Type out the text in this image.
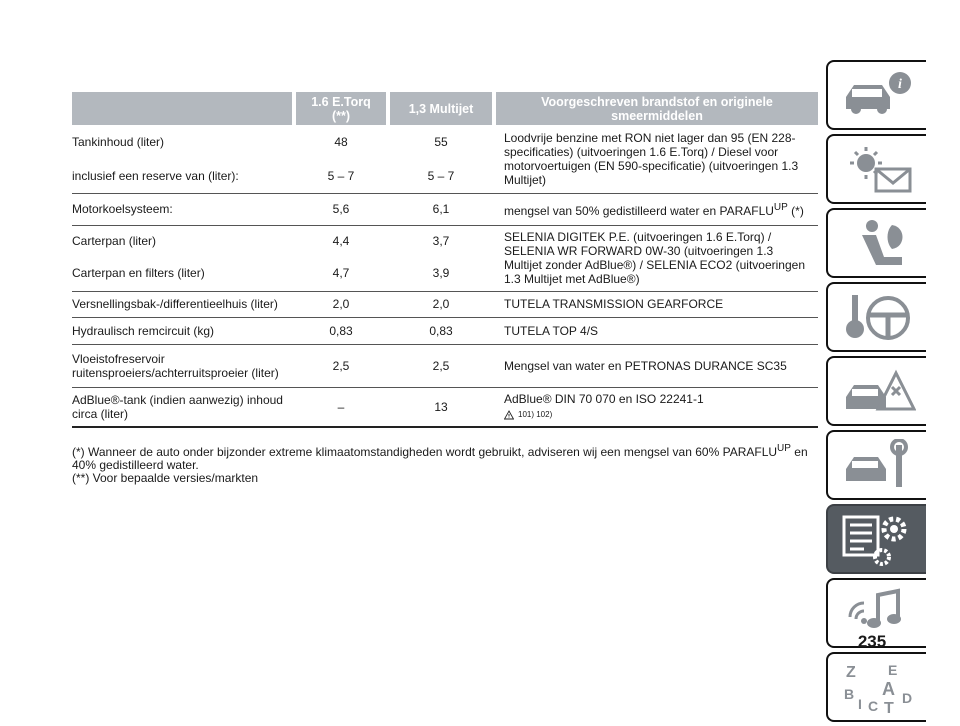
	1.6 E.Torq (**)	1,3 Multijet	Voorgeschreven brandstof en originele smeermiddelen
Tankinhoud (liter)	48	55	Loodvrije benzine met RON niet lager dan 95 (EN 228-specificaties) (uitvoeringen 1.6 E.Torq) / Diesel voor motorvoertuigen (EN 590-specificatie) (uitvoeringen 1.3 Multijet)
inclusief een reserve van (liter):	5 – 7	5 – 7	
Motorkoelsysteem:	5,6	6,1	mengsel van 50% gedistilleerd water en $PARAFLU^{UP}$ (*)
Carterpan (liter)	4,4	3,7	SELENIA DIGITEK P.E. (uitvoeringen 1.6 E.Torq) / SELENIA WR FORWARD 0W-30 (uitvoeringen 1.3 Multijet zonder AdBlue®) / SELENIA ECO2 (uitvoeringen 1.3 Multijet met AdBlue®)
Carterpan en filters (liter)	4,7	3,9	
Versnellingsbak-/differentieelhuis (liter)	2,0	2,0	TUTELA TRANSMISSION GEARFORCE
Hydraulisch remcircuit (kg)	0,83	0,83	TUTELA TOP 4/S
Vloeistofreservoir ruitensproeiers/achterruitsproeier (liter)	2,5	2,5	Mengsel van water en PETRONAS DURANCE SC35
AdBlue®-tank (indien aanwezig) inhoud circa (liter)	–	13	AdBlue® DIN 70 070 en ISO 22241-1
101) 102)

(*) Wanneer de auto onder bijzonder extreme klimaatomstandigheden wordt gebruikt, adviseren wij een mengsel van 60% $PARAFLU^{UP}$ en 40% gedistilleerd water.

(**) Voor bepaalde versies/markten

i
Z E
B A
I C T
D
235
